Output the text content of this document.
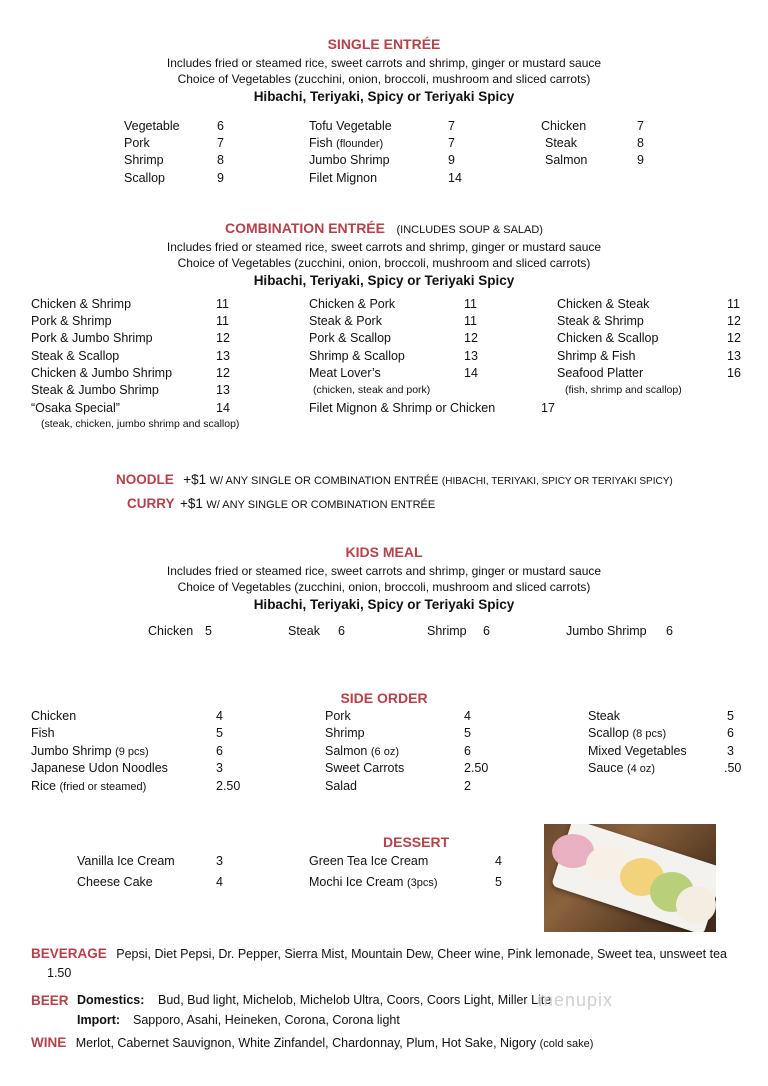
SINGLE ENTRÉE
Includes fried or steamed rice, sweet carrots and shrimp, ginger or mustard sauce
Choice of Vegetables (zucchini, onion, broccoli, mushroom and sliced carrots)
Hibachi, Teriyaki, Spicy or Teriyaki Spicy
Vegetable	6
Pork	7
Shrimp	8
Scallop	9
Tofu Vegetable	7
Fish (flounder)	7
Jumbo Shrimp	9
Filet Mignon	14
Chicken	7
Steak	8
Salmon	9
COMBINATION ENTRÉE (INCLUDES SOUP & SALAD)
Includes fried or steamed rice, sweet carrots and shrimp, ginger or mustard sauce
Choice of Vegetables (zucchini, onion, broccoli, mushroom and sliced carrots)
Hibachi, Teriyaki, Spicy or Teriyaki Spicy
Chicken & Shrimp	11
Pork & Shrimp	11
Pork & Jumbo Shrimp	12
Steak & Scallop	13
Chicken & Jumbo Shrimp	12
Steak & Jumbo Shrimp	13
“Osaka Special”	14
(steak, chicken, jumbo shrimp and scallop)
Chicken & Pork	11
Steak & Pork	11
Pork & Scallop	12
Shrimp & Scallop	13
Meat Lover’s	14
(chicken, steak and pork)
Filet Mignon & Shrimp or Chicken	17
Chicken & Steak	11
Steak & Shrimp	12
Chicken & Scallop	12
Shrimp & Fish	13
Seafood Platter	16
(fish, shrimp and scallop)
NOODLE +$1 W/ ANY SINGLE OR COMBINATION ENTRÉE (HIBACHI, TERIYAKI, SPICY OR TERIYAKI SPICY)
CURRY +$1 W/ ANY SINGLE OR COMBINATION ENTRÉE
KIDS MEAL
Includes fried or steamed rice, sweet carrots and shrimp, ginger or mustard sauce
Choice of Vegetables (zucchini, onion, broccoli, mushroom and sliced carrots)
Hibachi, Teriyaki, Spicy or Teriyaki Spicy
Chicken 5	Steak 6	Shrimp 6	Jumbo Shrimp 6
SIDE ORDER
Chicken	4
Fish	5
Jumbo Shrimp (9 pcs)	6
Japanese Udon Noodles	3
Rice (fried or steamed)	2.50
Pork	4
Shrimp	5
Salmon (6 oz)	6
Sweet Carrots	2.50
Salad	2
Steak	5
Scallop (8 pcs)	6
Mixed Vegetables	3
Sauce (4 oz)	.50
DESSERT
Vanilla Ice Cream	3
Cheese Cake	4
Green Tea Ice Cream	4
Mochi Ice Cream (3pcs)	5
BEVERAGE Pepsi, Diet Pepsi, Dr. Pepper, Sierra Mist, Mountain Dew, Cheer wine, Pink lemonade, Sweet tea, unsweet tea
1.50
BEER Domestics: Bud, Bud light, Michelob, Michelob Ultra, Coors, Coors Light, Miller Lite
Import: Sapporo, Asahi, Heineken, Corona, Corona light
WINE Merlot, Cabernet Sauvignon, White Zinfandel, Chardonnay, Plum, Hot Sake, Nigory (cold sake)
menupix
